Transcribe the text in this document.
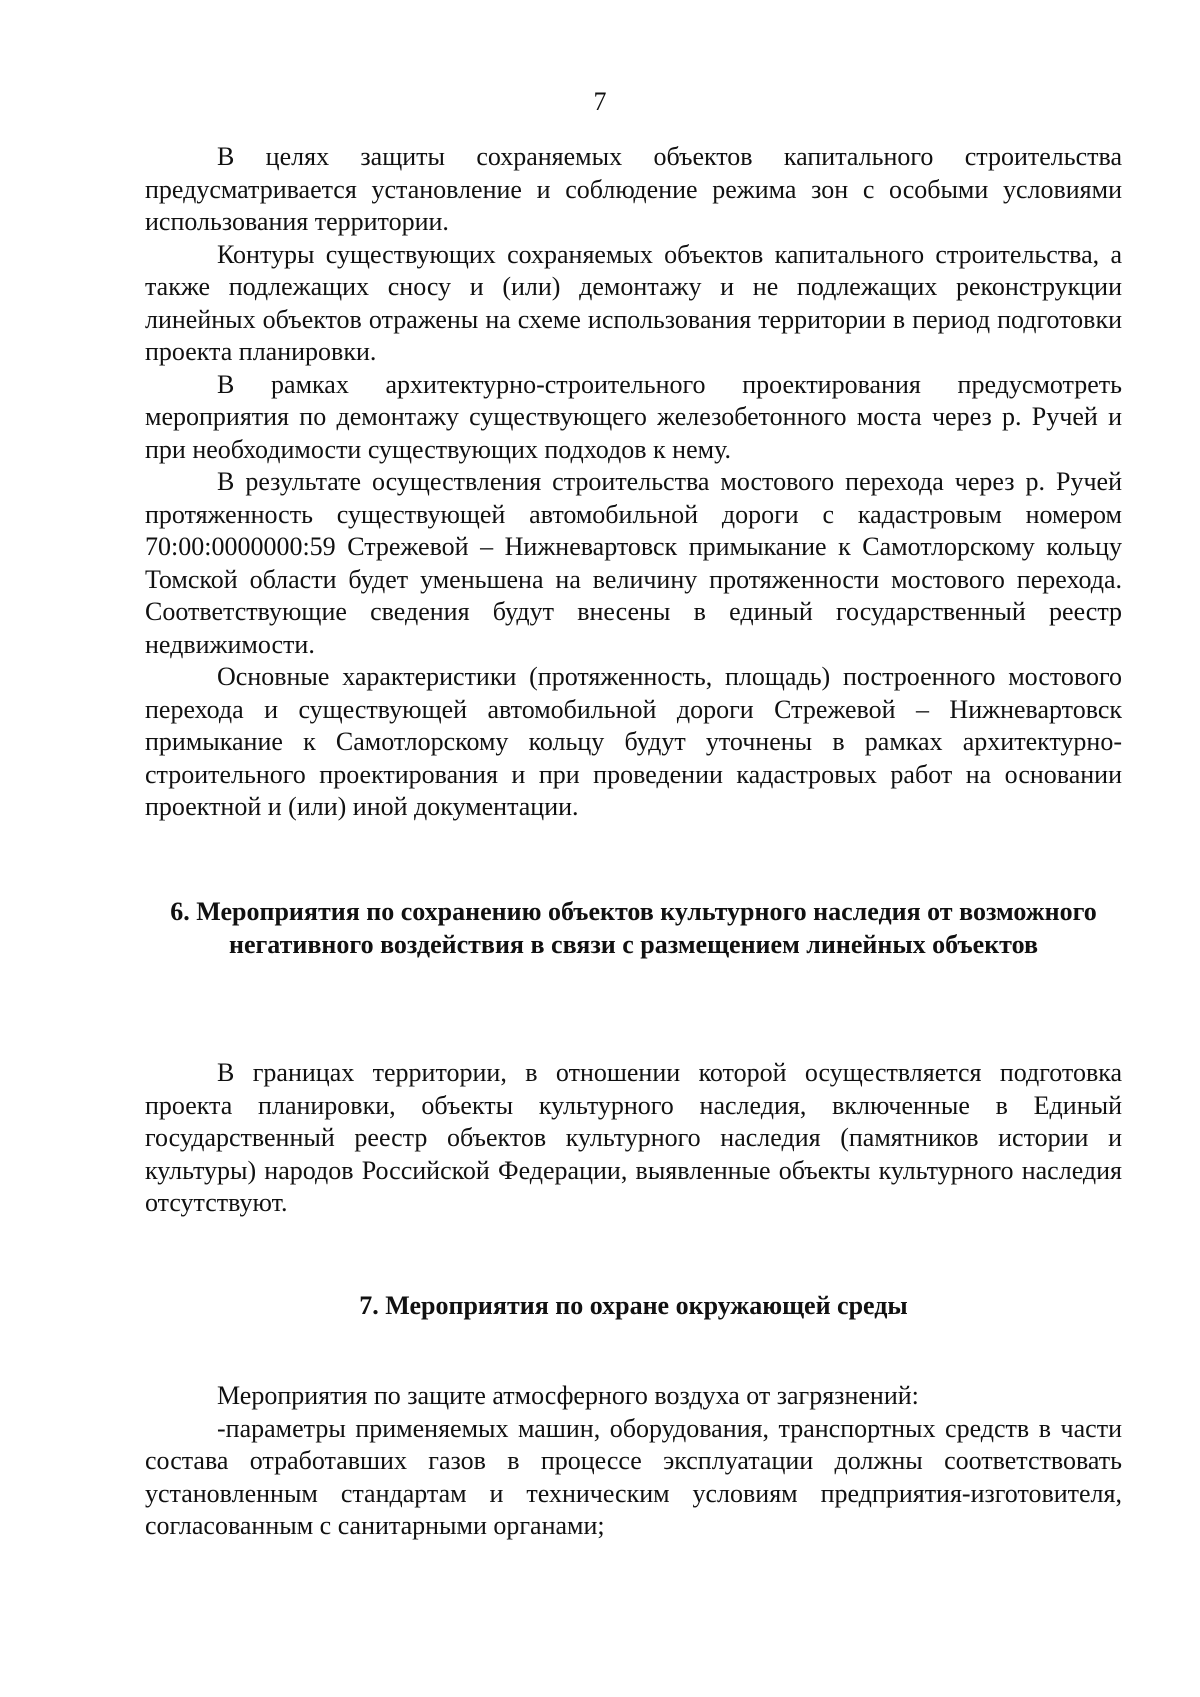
7

В целях защиты сохраняемых объектов капитального строительства предусматривается установление и соблюдение режима зон с особыми условиями использования территории.

Контуры существующих сохраняемых объектов капитального строительства, а также подлежащих сносу и (или) демонтажу и не подлежащих реконструкции линейных объектов отражены на схеме использования территории в период подготовки проекта планировки.

В рамках архитектурно-строительного проектирования предусмотреть мероприятия по демонтажу существующего железобетонного моста через р. Ручей и при необходимости существующих подходов к нему.

В результате осуществления строительства мостового перехода через р. Ручей протяженность существующей автомобильной дороги с кадастровым номером 70:00:0000000:59 Стрежевой – Нижневартовск примыкание к Самотлорскому кольцу Томской области будет уменьшена на величину протяженности мостового перехода. Соответствующие сведения будут внесены в единый государственный реестр недвижимости.

Основные характеристики (протяженность, площадь) построенного мостового перехода и существующей автомобильной дороги Стрежевой – Нижневартовск примыкание к Самотлорскому кольцу будут уточнены в рамках архитектурно-строительного проектирования и при проведении кадастровых работ на основании проектной и (или) иной документации.

6. Мероприятия по сохранению объектов культурного наследия от возможного негативного воздействия в связи с размещением линейных объектов

В границах территории, в отношении которой осуществляется подготовка проекта планировки, объекты культурного наследия, включенные в Единый государственный реестр объектов культурного наследия (памятников истории и культуры) народов Российской Федерации, выявленные объекты культурного наследия отсутствуют.

7. Мероприятия по охране окружающей среды

Мероприятия по защите атмосферного воздуха от загрязнений:

-параметры применяемых машин, оборудования, транспортных средств в части состава отработавших газов в процессе эксплуатации должны соответствовать установленным стандартам и техническим условиям предприятия-изготовителя, согласованным с санитарными органами;
